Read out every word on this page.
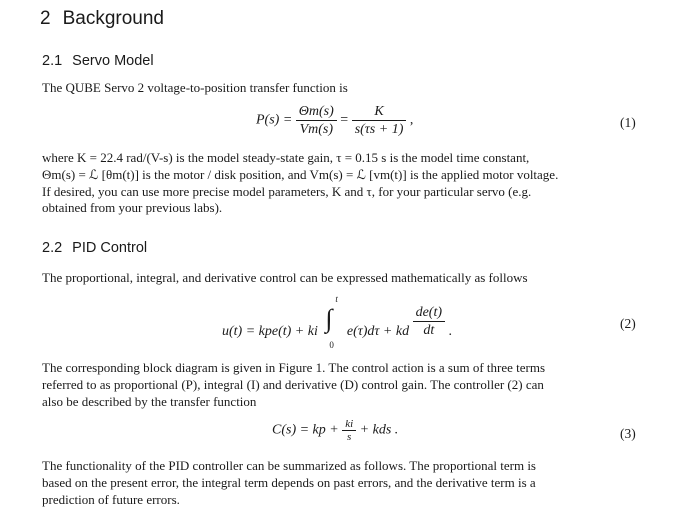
2 Background
2.1 Servo Model
The QUBE Servo 2 voltage-to-position transfer function is
$P(s) = \frac{\Theta m(s)}{Vm(s)} = \frac{K}{s(\tau s + 1)}$ ,	(1)
where K = 22.4 rad/(V-s) is the model steady-state gain, τ = 0.15 s is the model time constant,
Θm(s) = ℒ [θm(t)] is the motor / disk position, and Vm(s) = ℒ [vm(t)] is the applied motor voltage.
If desired, you can use more precise model parameters, K and τ, for your particular servo (e.g.
obtained from your previous labs).
2.2 PID Control
The proportional, integral, and derivative control can be expressed mathematically as follows
u(t) = kpe(t) + ki ∫
t
0
e(τ)dτ + kd $\frac{de(t)}{dt}$ .
(2)
The corresponding block diagram is given in Figure 1. The control action is a sum of three terms
referred to as proportional (P), integral (I) and derivative (D) control gain. The controller (2) can
also be described by the transfer function
C(s) = kp + $\frac{ki}{s}$ + kds .	(3)
The functionality of the PID controller can be summarized as follows. The proportional term is
based on the present error, the integral term depends on past errors, and the derivative term is a
prediction of future errors.
